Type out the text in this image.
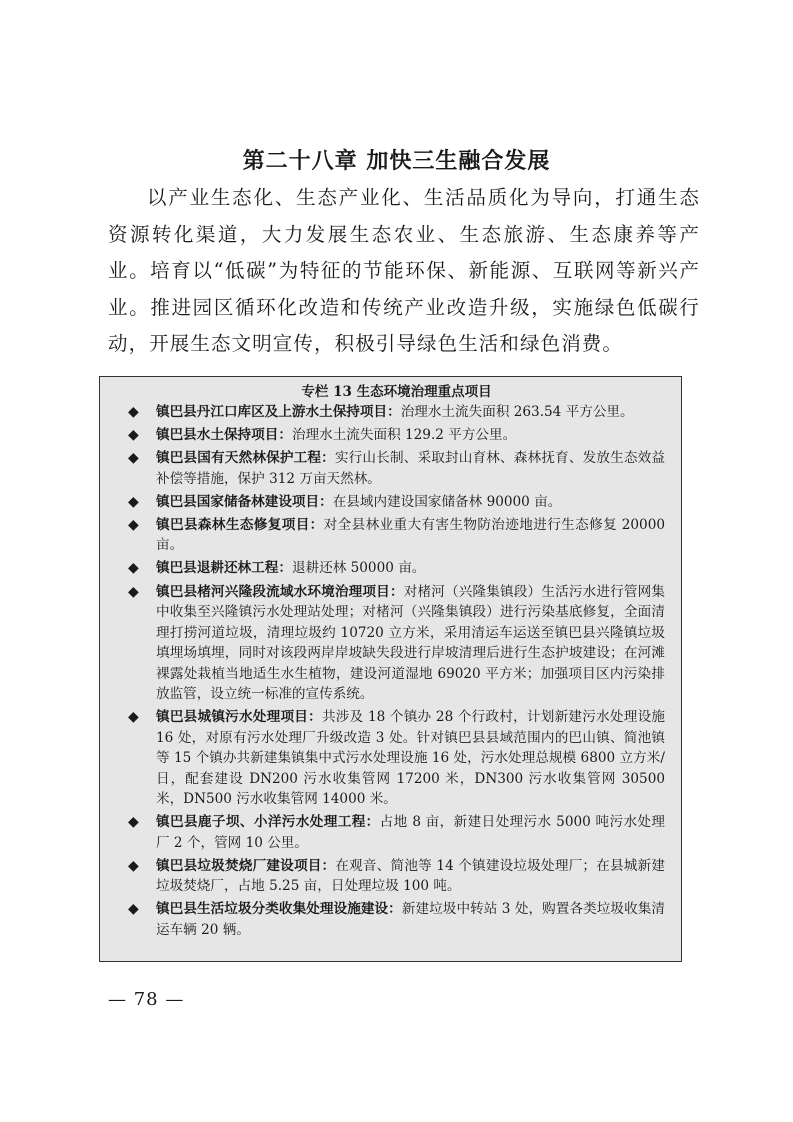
第二十八章 加快三生融合发展

以产业生态化、生态产业化、生活品质化为导向，打通生态资源转化渠道，大力发展生态农业、生态旅游、生态康养等产业。培育以“低碳”为特征的节能环保、新能源、互联网等新兴产业。推进园区循环化改造和传统产业改造升级，实施绿色低碳行动，开展生态文明宣传，积极引导绿色生活和绿色消费。

专栏 13 生态环境治理重点项目
◆ 镇巴县丹江口库区及上游水土保持项目：治理水土流失面积 263.54 平方公里。
◆ 镇巴县水土保持项目：治理水土流失面积 129.2 平方公里。
◆ 镇巴县国有天然林保护工程：实行山长制、采取封山育林、森林抚育、发放生态效益补偿等措施，保护 312 万亩天然林。
◆ 镇巴县国家储备林建设项目：在县域内建设国家储备林 90000 亩。
◆ 镇巴县森林生态修复项目：对全县林业重大有害生物防治迹地进行生态修复 20000 亩。
◆ 镇巴县退耕还林工程：退耕还林 50000 亩。
◆ 镇巴县楮河兴隆段流域水环境治理项目：对楮河（兴隆集镇段）生活污水进行管网集中收集至兴隆镇污水处理站处理；对楮河（兴隆集镇段）进行污染基底修复，全面清理打捞河道垃圾，清理垃圾约 10720 立方米，采用清运车运送至镇巴县兴隆镇垃圾填埋场填埋，同时对该段两岸岸坡缺失段进行岸坡清理后进行生态护坡建设；在河滩裸露处栽植当地适生水生植物，建设河道湿地 69020 平方米；加强项目区内污染排放监管，设立统一标准的宣传系统。
◆ 镇巴县城镇污水处理项目：共涉及 18 个镇办 28 个行政村，计划新建污水处理设施 16 处，对原有污水处理厂升级改造 3 处。针对镇巴县县域范围内的巴山镇、简池镇等 15 个镇办共新建集镇集中式污水处理设施 16 处，污水处理总规模 6800 立方米/日，配套建设 DN200 污水收集管网 17200 米，DN300 污水收集管网 30500 米，DN500 污水收集管网 14000 米。
◆ 镇巴县鹿子坝、小洋污水处理工程：占地 8 亩，新建日处理污水 5000 吨污水处理厂 2 个，管网 10 公里。
◆ 镇巴县垃圾焚烧厂建设项目：在观音、简池等 14 个镇建设垃圾处理厂；在县城新建垃圾焚烧厂，占地 5.25 亩，日处理垃圾 100 吨。
◆ 镇巴县生活垃圾分类收集处理设施建设：新建垃圾中转站 3 处，购置各类垃圾收集清运车辆 20 辆。
— 78 —
